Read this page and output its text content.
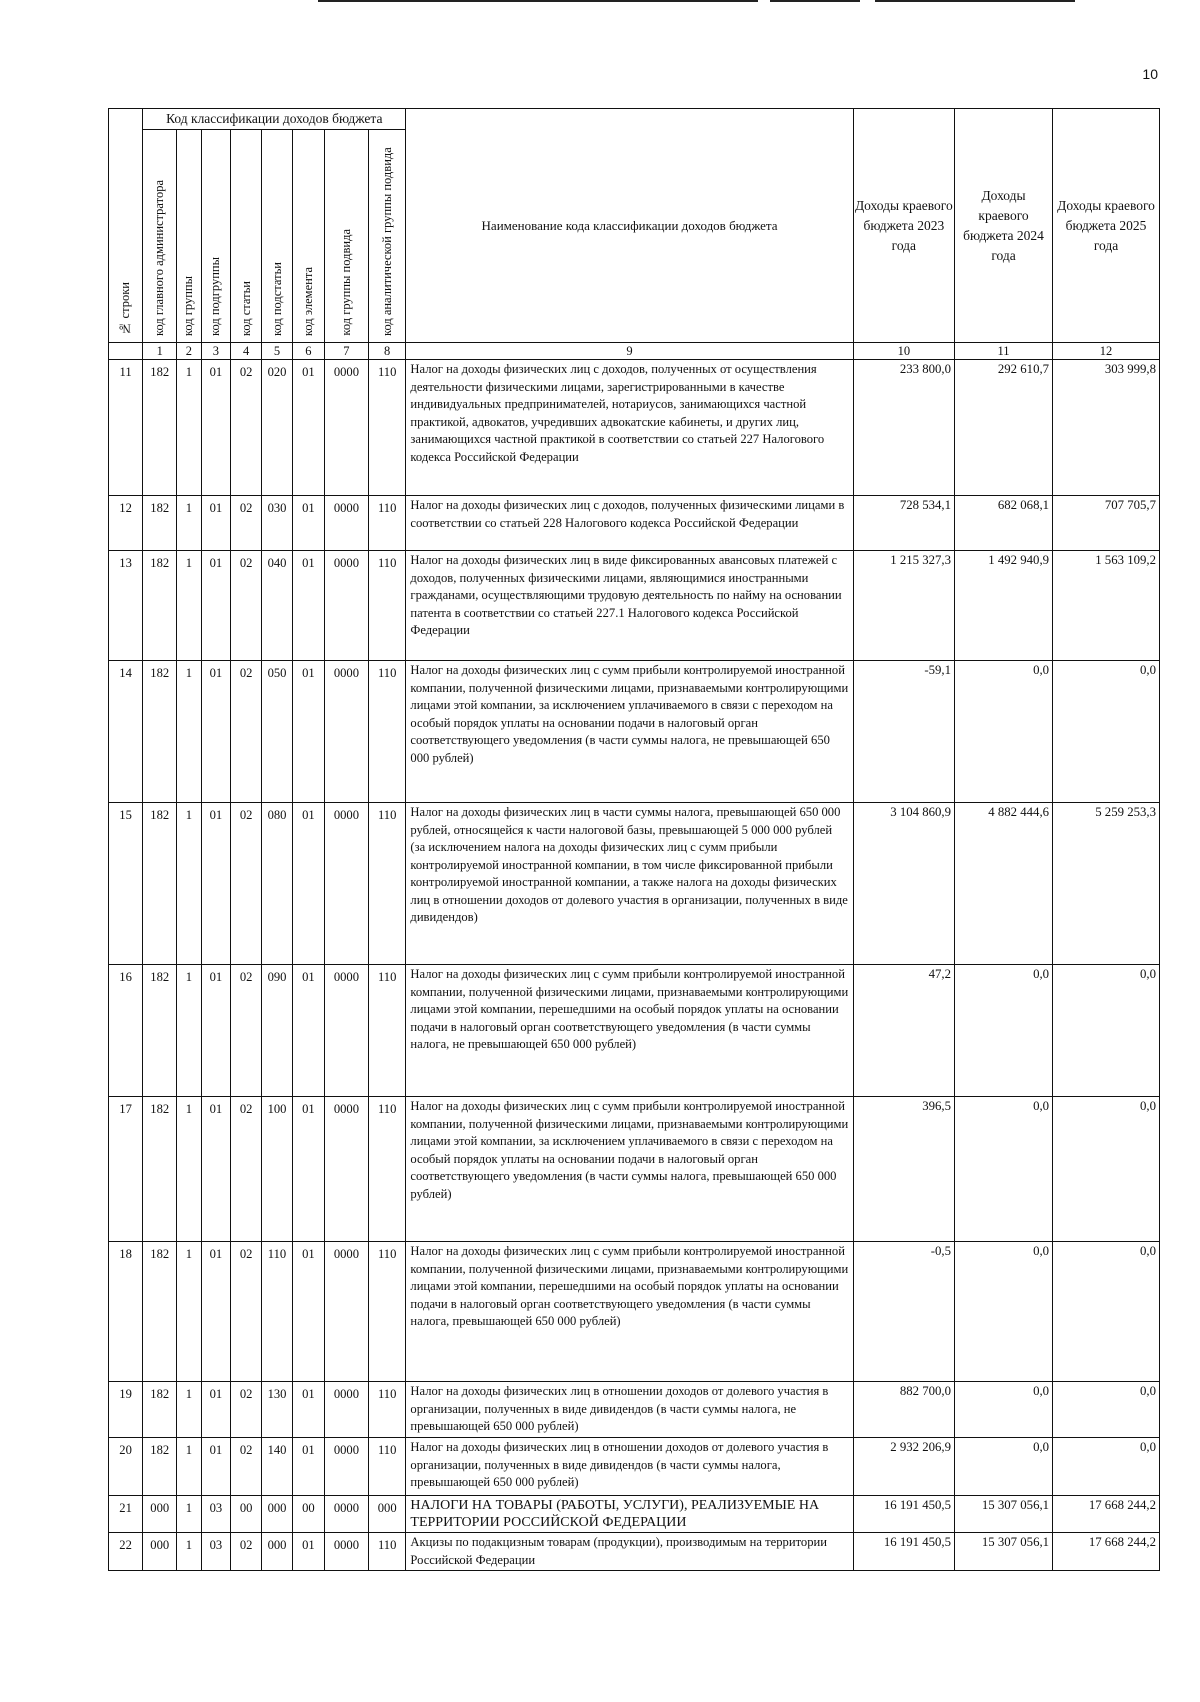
10
№ строки	Код классификации доходов бюджета								Наименование кода классификации доходов бюджета	Доходы краевого бюджета 2023 года	Доходы краевого бюджета 2024 года	Доходы краевого бюджета 2025 года

	код главного администратора	код группы	код подгруппы	код статьи	код подстатьи	код элемента	код группы подвида	код аналитической группы подвида				

	1	2	3	4	5	6	7	8	9	10	11	12
11	182	1	01	02	020	01	0000	110	Налог на доходы физических лиц с доходов, полученных от осуществления деятельности физическими лицами, зарегистрированными в качестве индивидуальных предпринимателей, нотариусов, занимающихся частной практикой, адвокатов, учредивших адвокатские кабинеты, и других лиц, занимающихся частной практикой в соответствии со статьей 227 Налогового кодекса Российской Федерации	233 800,0	292 610,7	303 999,8
12	182	1	01	02	030	01	0000	110	Налог на доходы физических лиц с доходов, полученных физическими лицами в соответствии со статьей 228 Налогового кодекса Российской Федерации	728 534,1	682 068,1	707 705,7
13	182	1	01	02	040	01	0000	110	Налог на доходы физических лиц в виде фиксированных авансовых платежей с доходов, полученных физическими лицами, являющимися иностранными гражданами, осуществляющими трудовую деятельность по найму на основании патента в соответствии со статьей 227.1 Налогового кодекса Российской Федерации	1 215 327,3	1 492 940,9	1 563 109,2
14	182	1	01	02	050	01	0000	110	Налог на доходы физических лиц с сумм прибыли контролируемой иностранной компании, полученной физическими лицами, признаваемыми контролирующими лицами этой компании, за исключением уплачиваемого в связи с переходом на особый порядок уплаты на основании подачи в налоговый орган соответствующего уведомления (в части суммы налога, не превышающей 650 000 рублей)	-59,1	0,0	0,0
15	182	1	01	02	080	01	0000	110	Налог на доходы физических лиц в части суммы налога, превышающей 650 000 рублей, относящейся к части налоговой базы, превышающей 5 000 000 рублей (за исключением налога на доходы физических лиц с сумм прибыли контролируемой иностранной компании, в том числе фиксированной прибыли контролируемой иностранной компании, а также налога на доходы физических лиц в отношении доходов от долевого участия в организации, полученных в виде дивидендов)	3 104 860,9	4 882 444,6	5 259 253,3
16	182	1	01	02	090	01	0000	110	Налог на доходы физических лиц с сумм прибыли контролируемой иностранной компании, полученной физическими лицами, признаваемыми контролирующими лицами этой компании, перешедшими на особый порядок уплаты на основании подачи в налоговый орган соответствующего уведомления (в части суммы налога, не превышающей 650 000 рублей)	47,2	0,0	0,0
17	182	1	01	02	100	01	0000	110	Налог на доходы физических лиц с сумм прибыли контролируемой иностранной компании, полученной физическими лицами, признаваемыми контролирующими лицами этой компании, за исключением уплачиваемого в связи с переходом на особый порядок уплаты на основании подачи в налоговый орган соответствующего уведомления (в части суммы налога, превышающей 650 000 рублей)	396,5	0,0	0,0
18	182	1	01	02	110	01	0000	110	Налог на доходы физических лиц с сумм прибыли контролируемой иностранной компании, полученной физическими лицами, признаваемыми контролирующими лицами этой компании, перешедшими на особый порядок уплаты на основании подачи в налоговый орган соответствующего уведомления (в части суммы налога, превышающей 650 000 рублей)	-0,5	0,0	0,0
19	182	1	01	02	130	01	0000	110	Налог на доходы физических лиц в отношении доходов от долевого участия в организации, полученных в виде дивидендов (в части суммы налога, не превышающей 650 000 рублей)	882 700,0	0,0	0,0
20	182	1	01	02	140	01	0000	110	Налог на доходы физических лиц в отношении доходов от долевого участия в организации, полученных в виде дивидендов (в части суммы налога, превышающей 650 000 рублей)	2 932 206,9	0,0	0,0
21	000	1	03	00	000	00	0000	000	НАЛОГИ НА ТОВАРЫ (РАБОТЫ, УСЛУГИ), РЕАЛИЗУЕМЫЕ НА ТЕРРИТОРИИ РОССИЙСКОЙ ФЕДЕРАЦИИ	16 191 450,5	15 307 056,1	17 668 244,2
22	000	1	03	02	000	01	0000	110	Акцизы по подакцизным товарам (продукции), производимым на территории Российской Федерации	16 191 450,5	15 307 056,1	17 668 244,2
